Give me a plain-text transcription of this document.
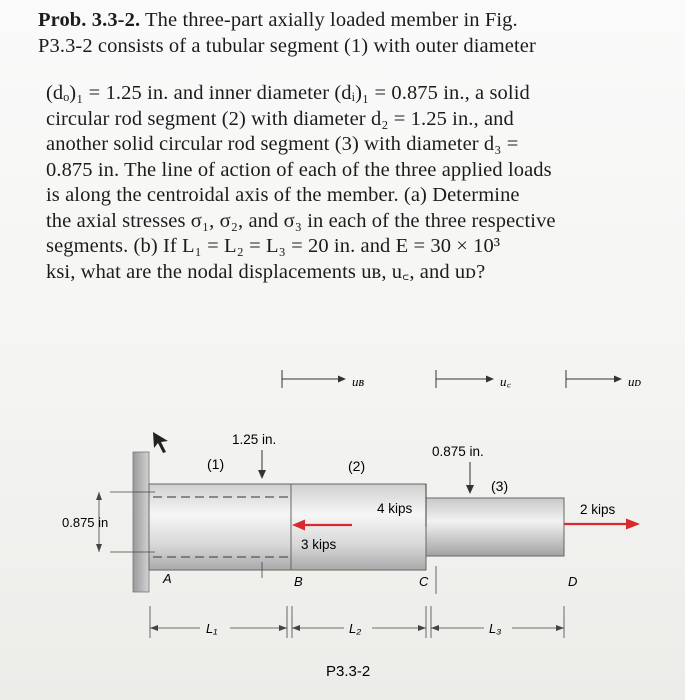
Prob. 3.3-2. The three-part axially loaded member in Fig.
P3.3-2 consists of a tubular segment (1) with outer diameter

(dₒ)₁ = 1.25 in. and inner diameter (dᵢ)₁ = 0.875 in., a solid
circular rod segment (2) with diameter d₂ = 1.25 in., and
another solid circular rod segment (3) with diameter d₃ =
0.875 in. The line of action of each of the three applied loads
is along the centroidal axis of the member. (a) Determine
the axial stresses σ₁, σ₂, and σ₃ in each of the three respective
segments. (b) If L₁ = L₂ = L₃ = 20 in. and E = 30 × 10³
ksi, what are the nodal displacements uʙ, u꜀, and uᴅ?

uʙ	u꜀	uᴅ
1.25 in.
0.875 in.
0.875 in
(1)	(2)
(3)
4 kips
3 kips
2 kips
A	B	C	D
L₁	L₂	L₃
P3.3-2
